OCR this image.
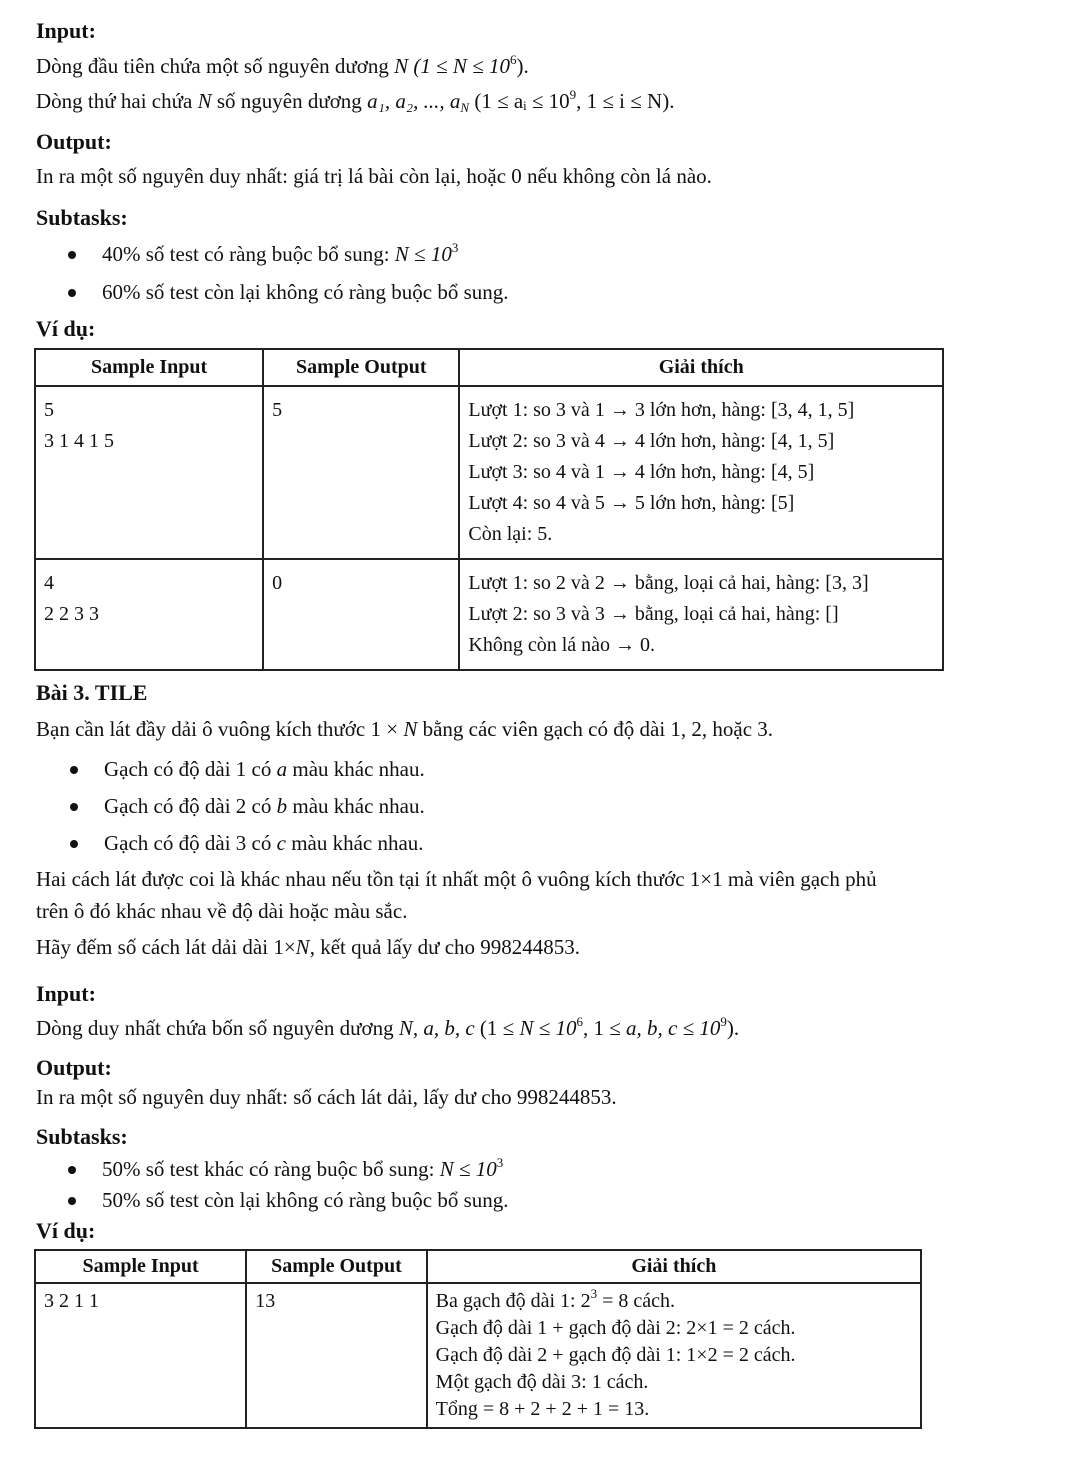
Input:
Dòng đầu tiên chứa một số nguyên dương N $(1 \le N \le 10^6)$.
Dòng thứ hai chứa N số nguyên dương a₁, a₂, ..., $a_N$ (1 ≤ aᵢ ≤ $10^9$, 1 ≤ i ≤ N).
Output:
In ra một số nguyên duy nhất: giá trị lá bài còn lại, hoặc 0 nếu không còn lá nào.
Subtasks:
40% số test có ràng buộc bổ sung: $N \le 10^3$
60% số test còn lại không có ràng buộc bổ sung.
Ví dụ:
Sample Input	Sample Output	Giải thích

5
3 1 4 1 5	5	Lượt 1: so 3 và 1 → 3 lớn hơn, hàng: [3, 4, 1, 5]
Lượt 2: so 3 và 4 → 4 lớn hơn, hàng: [4, 1, 5]
Lượt 3: so 4 và 1 → 4 lớn hơn, hàng: [4, 5]
Lượt 4: so 4 và 5 → 5 lớn hơn, hàng: [5]
Còn lại: 5.

4
2 2 3 3	0	Lượt 1: so 2 và 2 → bằng, loại cả hai, hàng: [3, 3]
Lượt 2: so 3 và 3 → bằng, loại cả hai, hàng: []
Không còn lá nào → 0.
Bài 3. TILE
Bạn cần lát đầy dải ô vuông kích thước 1 × N bằng các viên gạch có độ dài 1, 2, hoặc 3.
Gạch có độ dài 1 có a màu khác nhau.
Gạch có độ dài 2 có b màu khác nhau.
Gạch có độ dài 3 có c màu khác nhau.
Hai cách lát được coi là khác nhau nếu tồn tại ít nhất một ô vuông kích thước 1×1 mà viên gạch phủ
trên ô đó khác nhau về độ dài hoặc màu sắc.
Hãy đếm số cách lát dải dài 1×N, kết quả lấy dư cho 998244853.
Input:
Dòng duy nhất chứa bốn số nguyên dương N, a, b, c ($1 \le N \le 10^6$, 1 ≤ a, b, $c \le 10^9$).
Output:
In ra một số nguyên duy nhất: số cách lát dải, lấy dư cho 998244853.
Subtasks:
50% số test khác có ràng buộc bổ sung: $N \le 10^3$
50% số test còn lại không có ràng buộc bổ sung.
Ví dụ:
Sample Input	Sample Output	Giải thích

3 2 1 1	13	Ba gạch độ dài 1: $2^3 = 8$ cách.
Gạch độ dài 1 + gạch độ dài 2: 2×1 = 2 cách.
Gạch độ dài 2 + gạch độ dài 1: 1×2 = 2 cách.
Một gạch độ dài 3: 1 cách.
Tổng = 8 + 2 + 2 + 1 = 13.
